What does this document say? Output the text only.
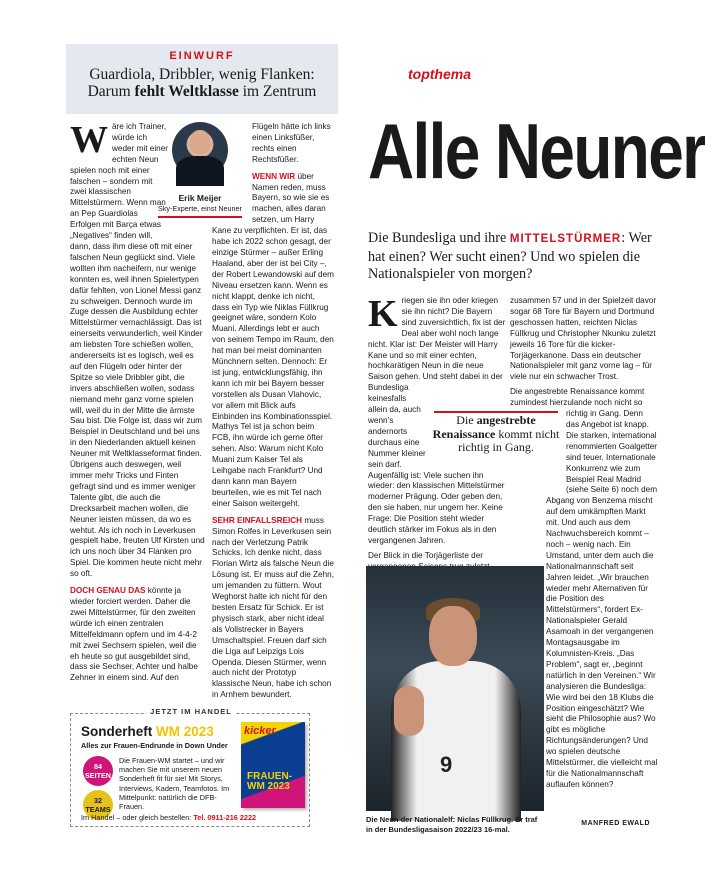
EINWURF
Guardiola, Dribbler, wenig Flanken:
Darum fehlt Weltklasse im Zentrum
W äre ich Trainer, würde ich weder mit einer echten Neun spielen noch mit einer falschen – sondern mit zwei klassischen Mittelstürmern. Wenn man an Pep Guardiolas Erfolgen mit Barça etwas „Negatives“ finden will, dann, dass ihm diese oft mit einer falschen Neun geglückt sind. Viele wollten ihm nacheifern, nur wenige konnten es, weil ihnen Spielertypen dafür fehlten, von Lionel Messi ganz zu schweigen. Dennoch wurde im Zuge dessen die Ausbildung echter Mittelstürmer vernachlässigt. Das ist einerseits verwunderlich, weil Kinder am liebsten Tore schießen wollen, andererseits ist es logisch, weil es auf den Flügeln oder hinter der Spitze so viele Dribbler gibt, die invers abschließen wollen, sodass niemand mehr ganz vorne spielen will, weil du in der Mitte die ärmste Sau bist. Die Folge ist, dass wir zum Beispiel in Deutschland und bei uns in den Niederlanden aktuell keinen Neuner mit Weltklasseformat finden. Übrigens auch deswegen, weil immer mehr Tricks und Finten gefragt sind und es immer weniger Talente gibt, die auch die Drecksarbeit machen wollen, die Neuner leisten müssen, da wo es wehtut. Als ich noch in Leverkusen gespielt habe, freuten Ulf Kirsten und ich uns noch über 34 Flanken pro Spiel. Die kommen heute nicht mehr so oft.
DOCH GENAU DAS könnte ja wieder forciert werden. Daher die zwei Mittelstürmer, für den zweiten würde ich einen zentralen Mittelfeldmann opfern und im 4-4-2 mit zwei Sechsern spielen, weil die eh heute so gut ausgebildet sind, dass sie Sechser, Achter und halbe Zehner in einem sind. Auf den
Erik Meijer
Sky-Experte, einst Neuner
Flügeln hätte ich links einen Linksfüßer, rechts einen Rechtsfüßer.
WENN WIR über Namen reden, muss Bayern, so wie sie es machen, alles daran setzen, um Harry Kane zu verpflichten. Er ist, das habe ich 2022 schon gesagt, der einzige Stürmer – außer Erling Haaland, aber der ist bei City –, der Robert Lewandowski auf dem Niveau ersetzen kann. Wenn es nicht klappt, denke ich nicht, dass ein Typ wie Niklas Füllkrug geeignet wäre, sondern Kolo Muani. Allerdings lebt er auch von seinem Tempo im Raum, den hat man bei meist dominanten Münchnern selten. Dennoch: Er ist jung, entwicklungsfähig, ihn kann ich mir bei Bayern besser vorstellen als Dusan Vlahovic, vor allem mit Blick aufs Einbinden ins Kombinationsspiel. Mathys Tel ist ja schon beim FCB, ihn würde ich gerne öfter sehen. Also: Warum nicht Kolo Muani zum Kaiser Tel als Leihgabe nach Frankfurt? Und dann kann man Bayern beurteilen, wie es mit Tel nach einer Saison weitergeht.
SEHR EINFALLSREICH muss Simon Rolfes in Leverkusen sein nach der Verletzung Patrik Schicks. Ich denke nicht, dass Florian Wirtz als falsche Neun die Lösung ist. Er muss auf die Zehn, um jemanden zu füttern. Wout Weghorst halte ich nicht für den besten Ersatz für Schick. Er ist physisch stark, aber nicht ideal als Vollstrecker in Bayers Umschaltspiel. Freuen darf sich die Liga auf Leipzigs Lois Openda. Diesen Stürmer, wenn auch nicht der Prototyp klassische Neun, habe ich schon in Arnhem bewundert.
JETZT IM HANDEL
Sonderheft WM 2023
Alles zur Frauen-Endrunde in Down Under
84 SEITEN
32 TEAMS
Die Frauen-WM startet – und wir machen Sie mit unserem neuen Sonderheft fit für sie! Mit Storys, Interviews, Kadern, Teamfotos. Im Mittelpunkt: natürlich die DFB-Frauen.
kicker
FRAUEN-WM 2023
Im Handel – oder gleich bestellen: Tel. 0911-216 2222
topthema
Alle Neuner
Die Bundesliga und ihre MITTELSTÜRMER: Wer hat einen? Wer sucht einen? Und wo spielen die Nationalspieler von morgen?
K riegen sie ihn oder kriegen sie ihn nicht? Die Bayern sind zuversichtlich, fix ist der Deal aber wohl noch lange nicht. Klar ist: Der Meister will Harry Kane und so mit einer echten, hochkarätigen Neun in die neue Saison gehen. Und steht dabei in der Bundesliga keinesfalls allein da, auch wenn’s andernorts durchaus eine Nummer kleiner sein darf. Augenfällig ist: Viele suchen ihn wieder: den klassischen Mittelstürmer moderner Prägung. Oder geben den, den sie haben, nur ungern her. Keine Frage: Die Position steht wieder deutlich stärker im Fokus als in den vergangenen Jahren.
Der Blick in die Torjägerliste der
zusammen 57 und in der Spielzeit davor sogar 68 Tore für Bayern und Dortmund geschossen hatten, reichten Niclas Füllkrug und Christopher Nkunku zuletzt jeweils 16 Tore für die kicker-Torjägerkanone. Dass ein deutscher Nationalspieler mit ganz vorne lag – für viele nur ein schwacher Trost.
Die angestrebte Renaissance kommt zumindest hierzulande noch nicht so richtig in Gang. Denn das Angebot ist knapp. Die starken, international renommierten Goalgetter sind teuer. Internationale Konkurrenz wie zum Beispiel Real Madrid (siehe Seite 6) noch dem Abgang von Benzema mischt auf dem umkämpften Markt mit. Und auch aus dem Nachwuchsbereich kommt – noch – wenig nach. Ein Umstand, unter dem auch die Nationalmannschaft seit Jahren leidet. „Wir brauchen wieder mehr Alternativen für die Position des Mittelstürmers“, fordert Ex-Nationalspieler Gerald Asamoah in der vergangenen Montagsausgabe im Kolumnisten-Kreis. „Das Problem“, sagt er, „beginnt natürlich in den Vereinen.“ Wir analysieren die Bundesliga: Wie wird bei den 18 Klubs die Position eingeschätzt? Wie sieht die Philosophie aus? Wo gibt es mögliche Richtungsänderungen? Und wo spielen deutsche Mittelstürmer, die vielleicht mal für die Nationalmannschaft auflaufen können?
Die angestrebte Renaissance kommt nicht richtig in Gang.
9
Die Neun der Nationalelf: Niclas Füllkrug. Er traf in der Bundesligasaison 2022/23 16-mal.
MANFRED EWALD
